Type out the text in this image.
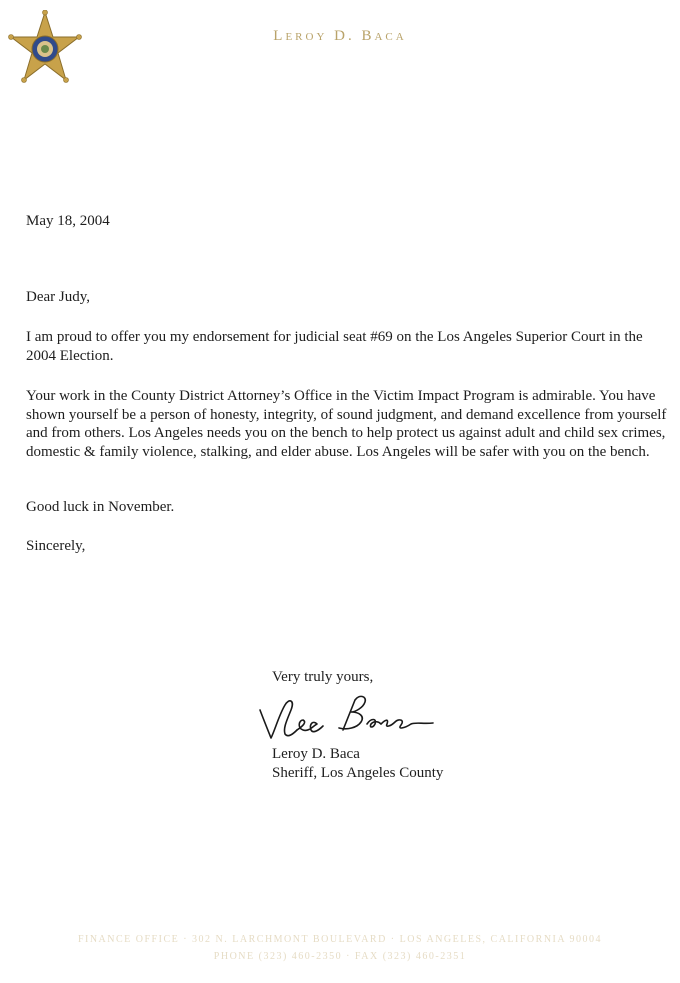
Leroy D. Baca
May 18, 2004
Dear Judy,
I am proud to offer you my endorsement for judicial seat #69 on the Los Angeles Superior Court in the 2004 Election.
Your work in the County District Attorney’s Office in the Victim Impact Program is admirable. You have shown yourself be a person of honesty, integrity, of sound judgment, and demand excellence from yourself and from others. Los Angeles needs you on the bench to help protect us against adult and child sex crimes, domestic & family violence, stalking, and elder abuse. Los Angeles will be safer with you on the bench.
Good luck in November.
Sincerely,
Very truly yours,
Leroy D. Baca
Sheriff, Los Angeles County
FINANCE OFFICE · 302 N. LARCHMONT BOULEVARD · LOS ANGELES, CALIFORNIA 90004
PHONE (323) 460-2350 · FAX (323) 460-2351
